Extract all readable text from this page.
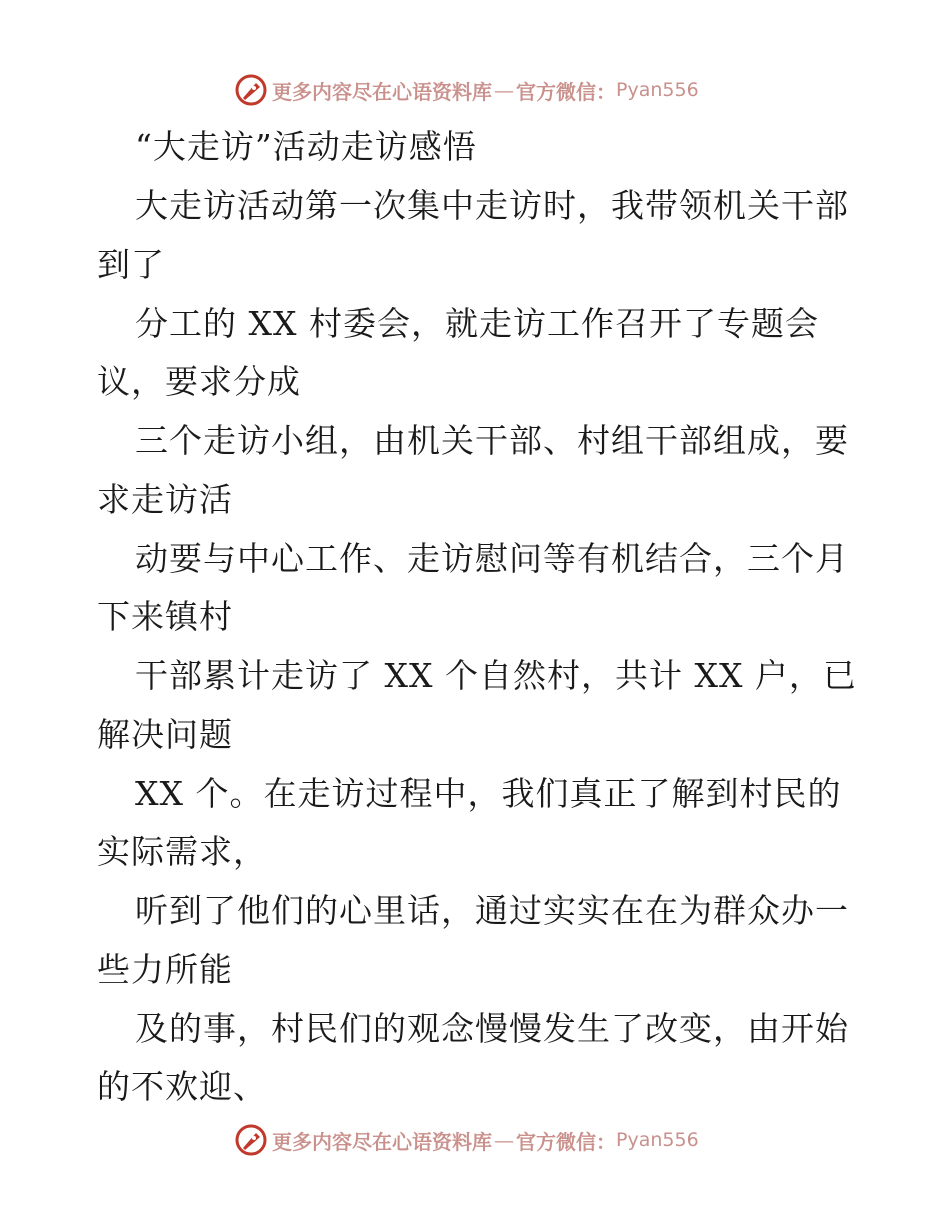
更多内容尽在心语资料库 — 官方微信： Pyan556
“大走访”活动走访感悟
大走访活动第一次集中走访时，我带领机关干部
到了
分工的 XX 村委会，就走访工作召开了专题会
议，要求分成
三个走访小组，由机关干部、村组干部组成，要
求走访活
动要与中心工作、走访慰问等有机结合，三个月
下来镇村
干部累计走访了 XX 个自然村，共计 XX 户，已
解决问题
XX 个。在走访过程中，我们真正了解到村民的
实际需求，
听到了他们的心里话，通过实实在在为群众办一
些力所能
及的事，村民们的观念慢慢发生了改变，由开始
的不欢迎、
更多内容尽在心语资料库 — 官方微信： Pyan556
